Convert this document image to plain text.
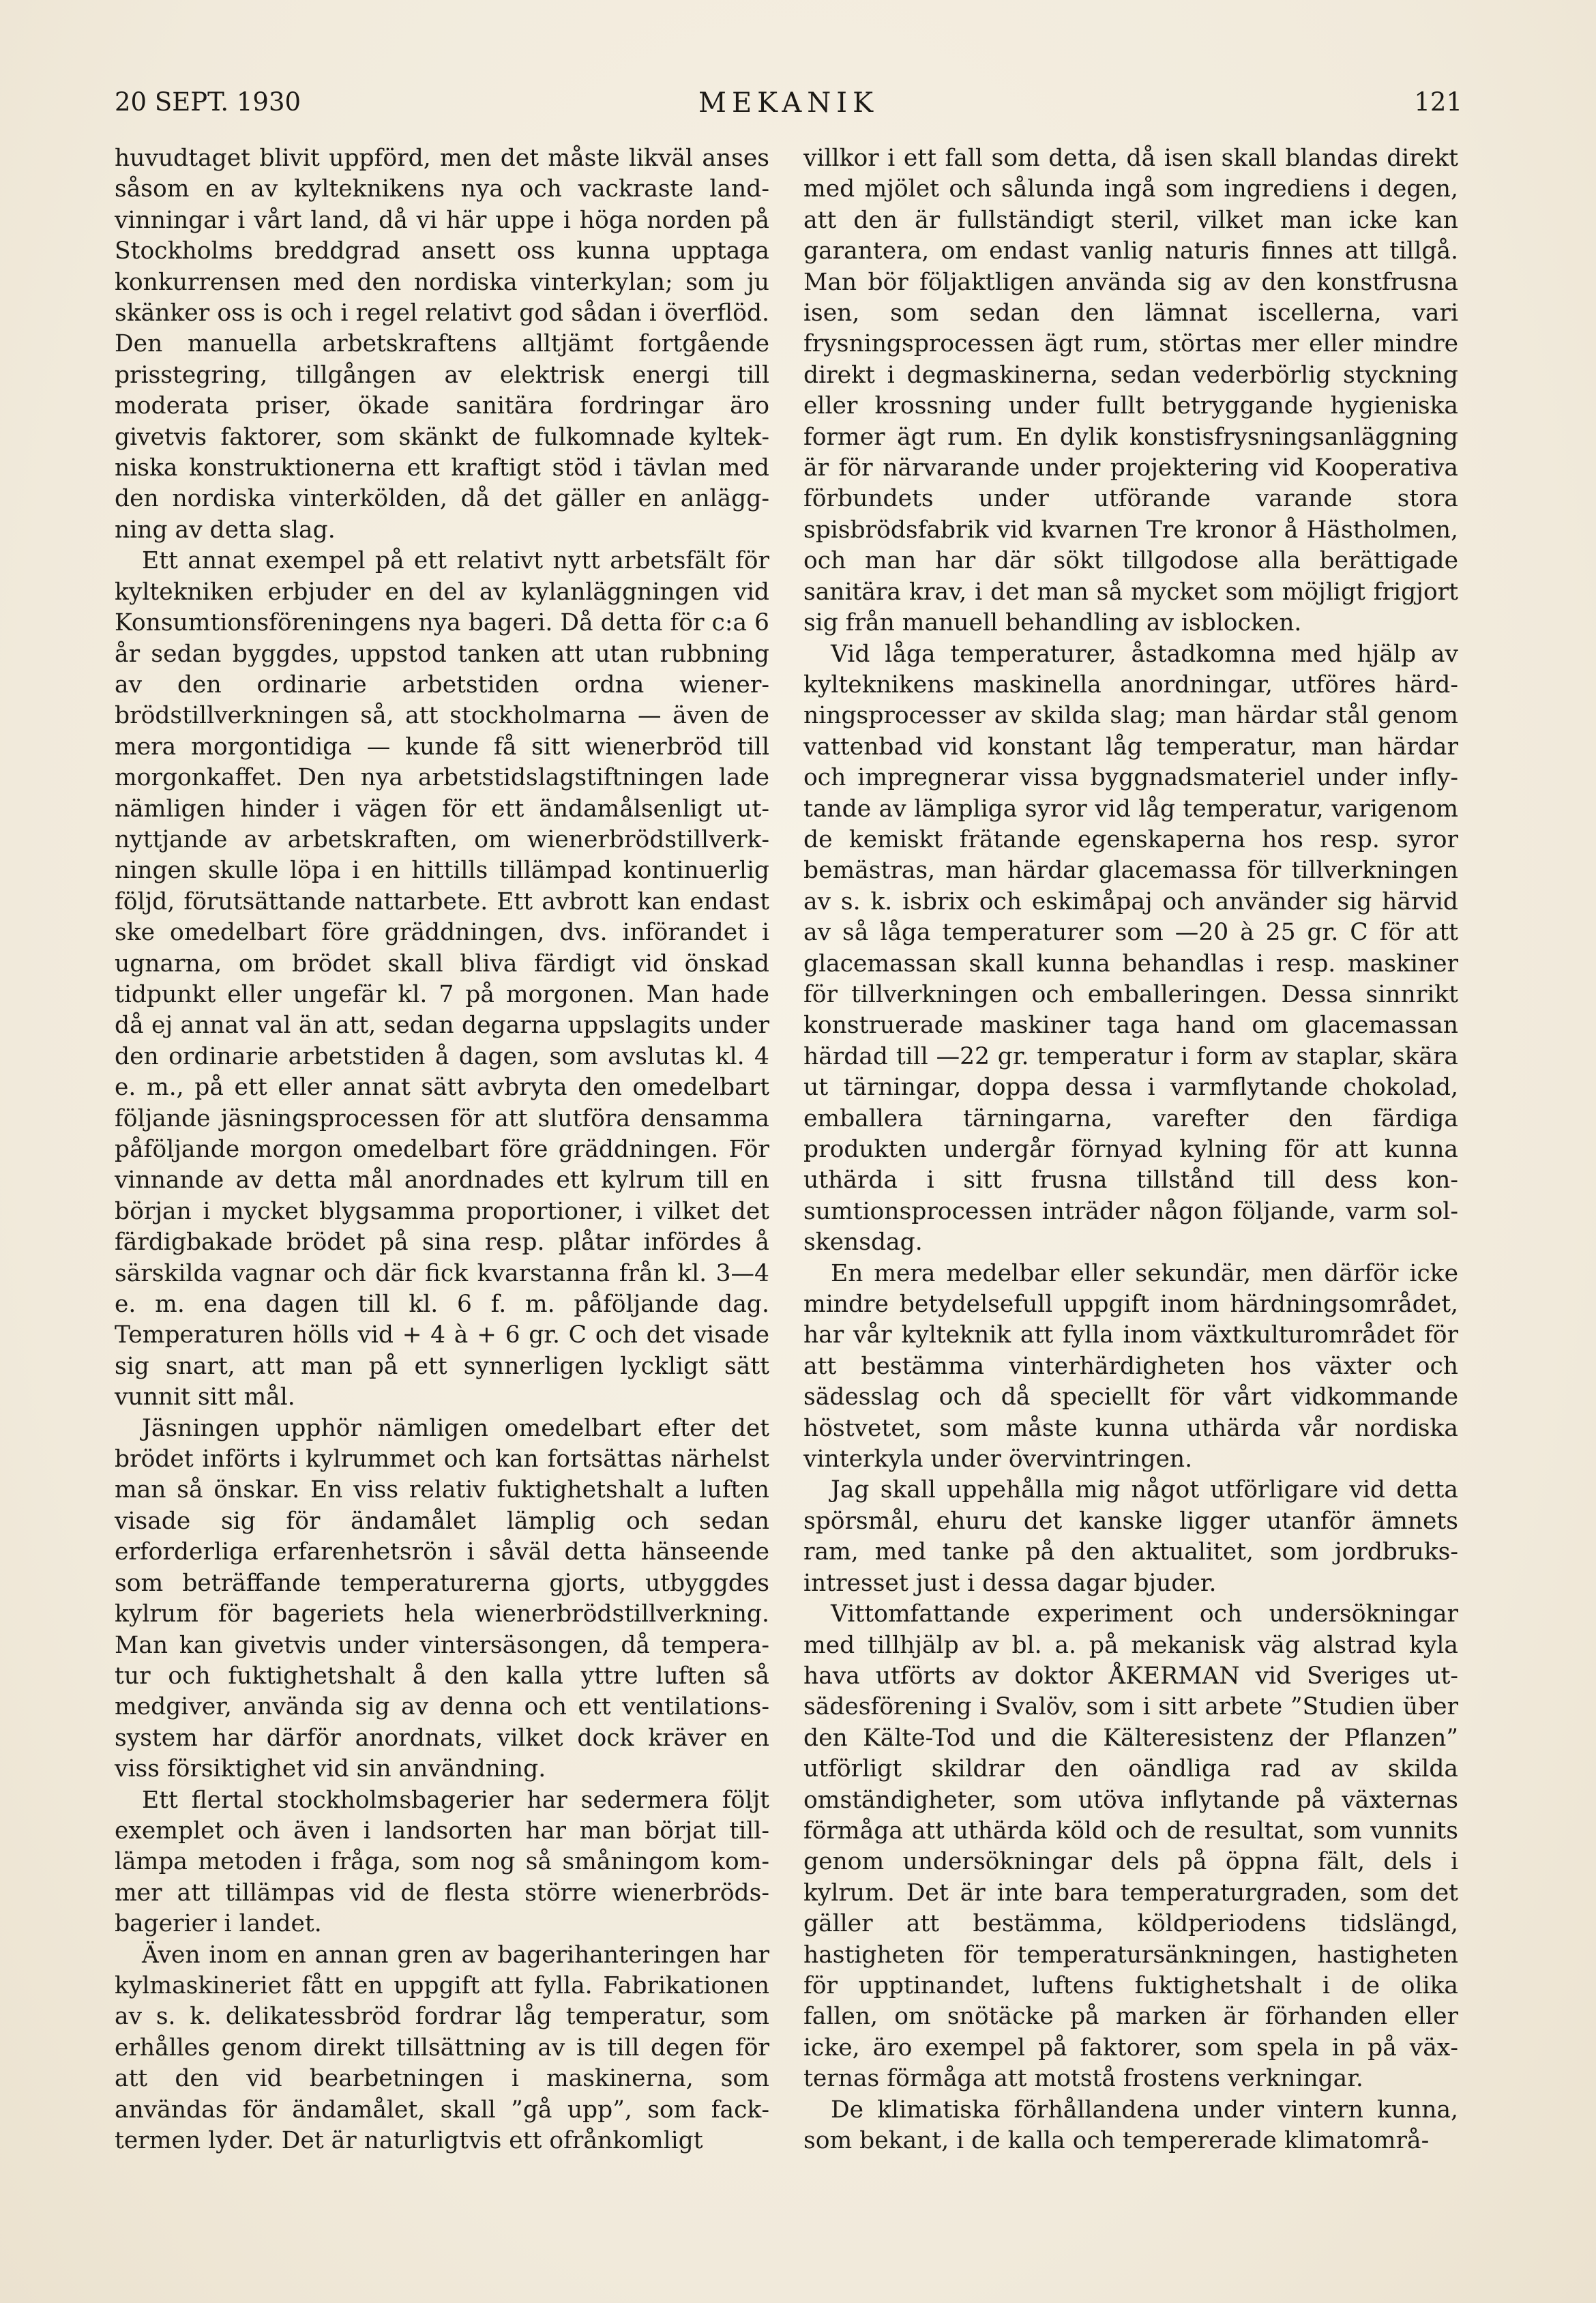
20 SEPT. 1930	MEKANIK	121

huvudtaget blivit uppförd, men det måste likväl anses såsom en av kylteknikens nya och vackraste landvinningar i vårt land, då vi här uppe i höga norden på Stockholms breddgrad ansett oss kunna upptaga konkurrensen med den nordiska vinterkylan; som ju skänker oss is och i regel relativt god sådan i överflöd. Den manuella arbetskraftens alltjämt fortgående prisstegring, tillgången av elektrisk energi till moderata priser, ökade sanitära fordringar äro givetvis faktorer, som skänkt de fulkomnade kyltekniska konstruktionerna ett kraftigt stöd i tävlan med den nordiska vinterkölden, då det gäller en anläggning av detta slag.

Ett annat exempel på ett relativt nytt arbetsfält för kyltekniken erbjuder en del av kylanläggningen vid Konsumtionsföreningens nya bageri. Då detta för c:a 6 år sedan byggdes, uppstod tanken att utan rubbning av den ordinarie arbetstiden ordna wienerbrödstillverkningen så, att stockholmarna — även de mera morgontidiga — kunde få sitt wienerbröd till morgonkaffet. Den nya arbetstidslagstiftningen lade nämligen hinder i vägen för ett ändamålsenligt utnyttjande av arbetskraften, om wienerbrödstillverkningen skulle löpa i en hittills tillämpad kontinuerlig följd, förutsättande nattarbete. Ett avbrott kan endast ske omedelbart före gräddningen, dvs. införandet i ugnarna, om brödet skall bliva färdigt vid önskad tidpunkt eller ungefär kl. 7 på morgonen. Man hade då ej annat val än att, sedan degarna uppslagits under den ordinarie arbetstiden å dagen, som avslutas kl. 4 e. m., på ett eller annat sätt avbryta den omedelbart följande jäsningsprocessen för att slutföra densamma påföljande morgon omedelbart före gräddningen. För vinnande av detta mål anordnades ett kylrum till en början i mycket blygsamma proportioner, i vilket det färdigbakade brödet på sina resp. plåtar infördes å särskilda vagnar och där fick kvarstanna från kl. 3—4 e. m. ena dagen till kl. 6 f. m. påföljande dag. Temperaturen hölls vid + 4 à + 6 gr. C och det visade sig snart, att man på ett synnerligen lyckligt sätt vunnit sitt mål.

Jäsningen upphör nämligen omedelbart efter det brödet införts i kylrummet och kan fortsättas närhelst man så önskar. En viss relativ fuktighetshalt a luften visade sig för ändamålet lämplig och sedan erforderliga erfarenhetsrön i såväl detta hänseende som beträffande temperaturerna gjorts, utbyggdes kylrum för bageriets hela wienerbrödstillverkning. Man kan givetvis under vintersäsongen, då temperatur och fuktighetshalt å den kalla yttre luften så medgiver, använda sig av denna och ett ventilationssystem har därför anordnats, vilket dock kräver en viss försiktighet vid sin användning.

Ett flertal stockholmsbagerier har sedermera följt exemplet och även i landsorten har man börjat tilllämpa metoden i fråga, som nog så småningom kommer att tillämpas vid de flesta större wienerbrödsbagerier i landet.

Även inom en annan gren av bagerihanteringen har kylmaskineriet fått en uppgift att fylla. Fabrikationen av s. k. delikatessbröd fordrar låg temperatur, som erhålles genom direkt tillsättning av is till degen för att den vid bearbetningen i maskinerna, som användas för ändamålet, skall ”gå upp”, som facktermen lyder. Det är naturligtvis ett ofrånkomligt

villkor i ett fall som detta, då isen skall blandas direkt med mjölet och sålunda ingå som ingrediens i degen, att den är fullständigt steril, vilket man icke kan garantera, om endast vanlig naturis finnes att tillgå. Man bör följaktligen använda sig av den konstfrusna isen, som sedan den lämnat iscellerna, vari frysningsprocessen ägt rum, störtas mer eller mindre direkt i degmaskinerna, sedan vederbörlig styckning eller krossning under fullt betryggande hygieniska former ägt rum. En dylik konstisfrysningsanläggning är för närvarande under projektering vid Kooperativa förbundets under utförande varande stora spisbrödsfabrik vid kvarnen Tre kronor å Hästholmen, och man har där sökt tillgodose alla berättigade sanitära krav, i det man så mycket som möjligt frigjort sig från manuell behandling av isblocken.

Vid låga temperaturer, åstadkomna med hjälp av kylteknikens maskinella anordningar, utföres härdningsprocesser av skilda slag; man härdar stål genom vattenbad vid konstant låg temperatur, man härdar och impregnerar vissa byggnadsmateriel under inflytande av lämpliga syror vid låg temperatur, varigenom de kemiskt frätande egenskaperna hos resp. syror bemästras, man härdar glacemassa för tillverkningen av s. k. isbrix och eskimåpaj och använder sig härvid av så låga temperaturer som —20 à 25 gr. C för att glacemassan skall kunna behandlas i resp. maskiner för tillverkningen och emballeringen. Dessa sinnrikt konstruerade maskiner taga hand om glacemassan härdad till —22 gr. temperatur i form av staplar, skära ut tärningar, doppa dessa i varmflytande chokolad, emballera tärningarna, varefter den färdiga produkten undergår förnyad kylning för att kunna uthärda i sitt frusna tillstånd till dess konsumtionsprocessen inträder någon följande, varm solskensdag.

En mera medelbar eller sekundär, men därför icke mindre betydelsefull uppgift inom härdningsområdet, har vår kylteknik att fylla inom växtkulturområdet för att bestämma vinterhärdigheten hos växter och sädesslag och då speciellt för vårt vidkommande höstvetet, som måste kunna uthärda vår nordiska vinterkyla under övervintringen.

Jag skall uppehålla mig något utförligare vid detta spörsmål, ehuru det kanske ligger utanför ämnets ram, med tanke på den aktualitet, som jordbruksintresset just i dessa dagar bjuder.

Vittomfattande experiment och undersökningar med tillhjälp av bl. a. på mekanisk väg alstrad kyla hava utförts av doktor ÅKERMAN vid Sveriges utsädesförening i Svalöv, som i sitt arbete ”Studien über den Kälte-Tod und die Kälteresistenz der Pflanzen” utförligt skildrar den oändliga rad av skilda omständigheter, som utöva inflytande på växternas förmåga att uthärda köld och de resultat, som vunnits genom undersökningar dels på öppna fält, dels i kylrum. Det är inte bara temperaturgraden, som det gäller att bestämma, köldperiodens tidslängd, hastigheten för temperatursänkningen, hastigheten för upptinandet, luftens fuktighetshalt i de olika fallen, om snötäcke på marken är förhanden eller icke, äro exempel på faktorer, som spela in på växternas förmåga att motstå frostens verkningar.

De klimatiska förhållandena under vintern kunna, som bekant, i de kalla och tempererade klimatområ-
